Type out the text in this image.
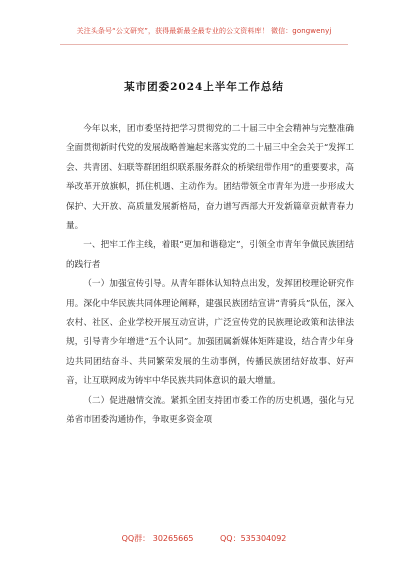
关注头条号“公文研究”，获得最新最全最专业的公文资料库！ 微信：gongwenyj
某市团委2024上半年工作总结

今年以来，团市委坚持把学习贯彻党的二十届三中全会精神与完整准确全面贯彻新时代党的发展战略普遍起来落实党的二十届三中全会关于“发挥工会、共青团、妇联等群团组织联系服务群众的桥梁纽带作用”的重要要求，高举改革开放旗帜，抓住机遇、主动作为。团结带领全市青年为进一步形成大保护、大开放、高质量发展新格局，奋力谱写西部大开发新篇章贡献青春力量。

一、把牢工作主线，着眼“更加和谐稳定”，引领全市青年争做民族团结的践行者

（一）加强宣传引导。从青年群体认知特点出发，发挥团校理论研究作用。深化中华民族共同体理论阐释，建强民族团结宣讲“青骑兵”队伍，深入农村、社区、企业学校开展互动宣讲，广泛宣传党的民族理论政策和法律法规，引导青少年增进“五个认同”。加强团属新媒体矩阵建设，结合青少年身边共同团结奋斗、共同繁荣发展的生动事例，传播民族团结好故事、好声音，让互联网成为铸牢中华民族共同体意识的最大增量。

（二）促进融情交流。紧抓全团支持团市委工作的历史机遇，强化与兄弟省市团委沟通协作，争取更多资金项

QQ群： 30265665	QQ：535304092
